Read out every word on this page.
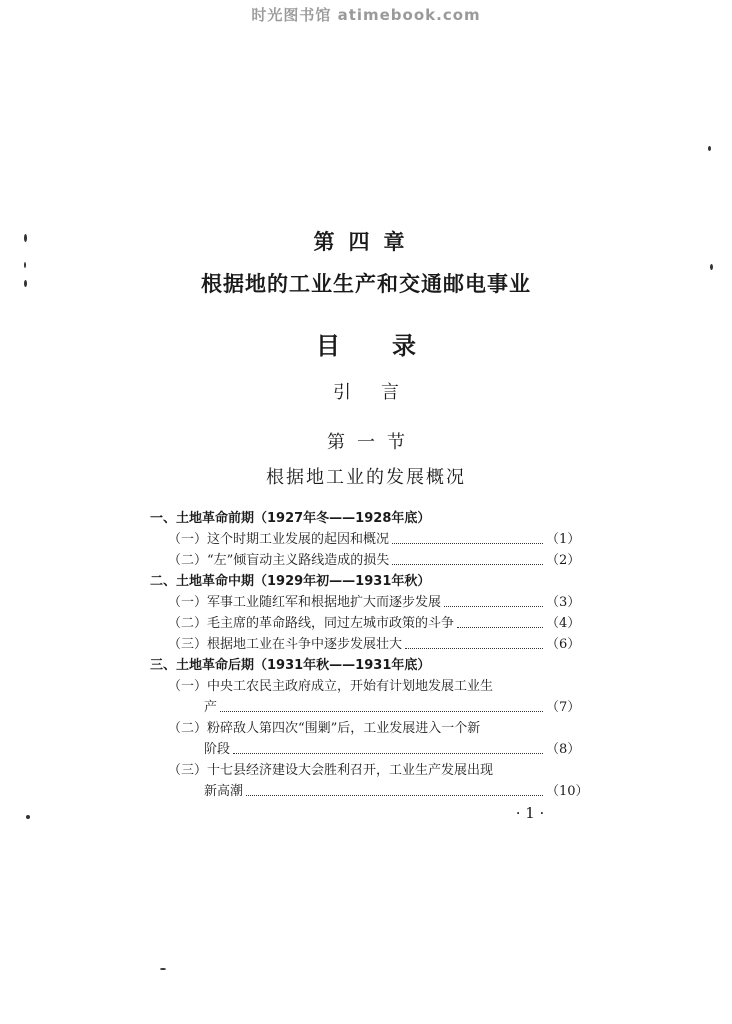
时光图书馆 atimebook.com
第四章
根据地的工业生产和交通邮电事业
目录
引言
第一节
根据地工业的发展概况
一、土地革命前期（1927年冬——1928年底）
（一）这个时期工业发展的起因和概况	（1）
（二）“左”倾盲动主义路线造成的损失	（2）
二、土地革命中期（1929年初——1931年秋）
（一）军事工业随红军和根据地扩大而逐步发展	（3）
（二）毛主席的革命路线，同过左城市政策的斗争	（4）
（三）根据地工业在斗争中逐步发展壮大	（6）
三、土地革命后期（1931年秋——1931年底）
（一）中央工农民主政府成立，开始有计划地发展工业生
产	（7）
（二）粉碎敌人第四次“围剿”后，工业发展进入一个新
阶段	（8）
（三）十七县经济建设大会胜利召开，工业生产发展出现
新高潮	（10）
· 1 ·
